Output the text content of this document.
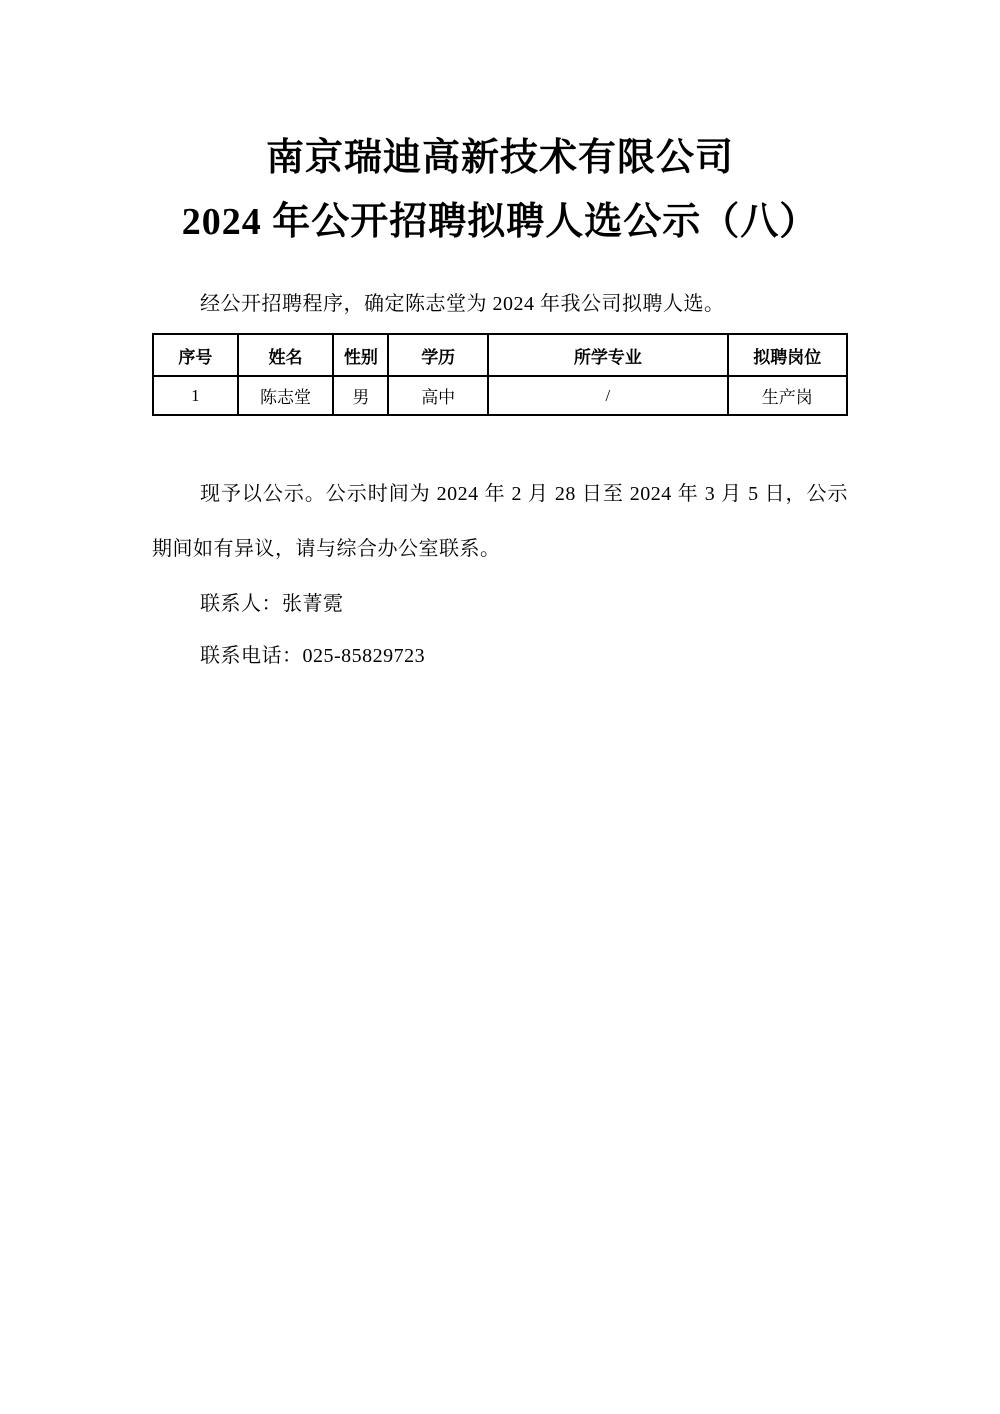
南京瑞迪高新技术有限公司
2024 年公开招聘拟聘人选公示（八）

经公开招聘程序，确定陈志堂为 2024 年我公司拟聘人选。

序号	姓名	性别	学历	所学专业	拟聘岗位
1	陈志堂	男	高中	/	生产岗

现予以公示。公示时间为 2024 年 2 月 28 日至 2024 年 3 月 5 日，公示期间如有异议，请与综合办公室联系。

联系人：张菁霓

联系电话：025-85829723
